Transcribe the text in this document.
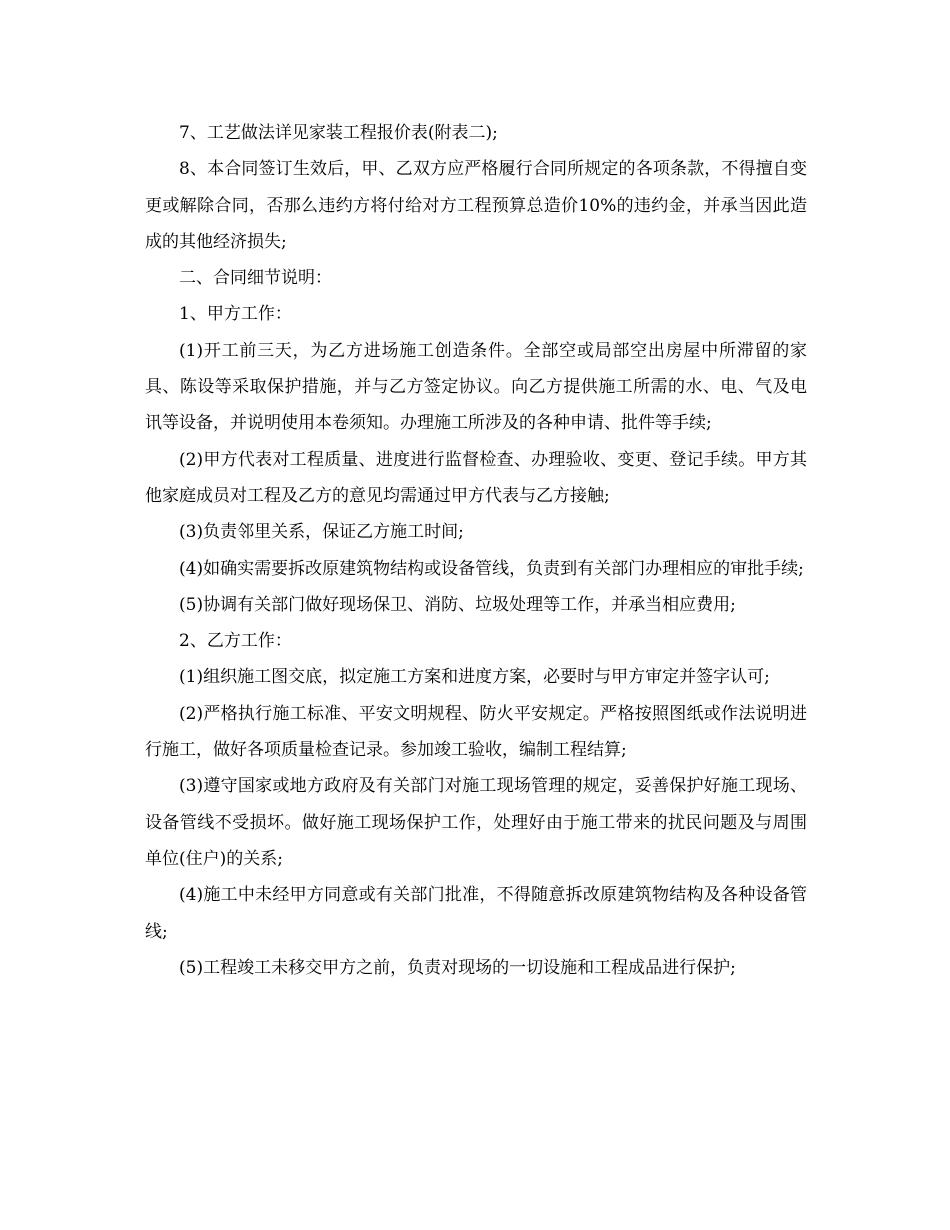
7、工艺做法详见家装工程报价表(附表二);

8、本合同签订生效后，甲、乙双方应严格履行合同所规定的各项条款，不得擅自变更或解除合同，否那么违约方将付给对方工程预算总造价10%的违约金，并承当因此造成的其他经济损失;

二、合同细节说明：

1、甲方工作：

(1)开工前三天，为乙方进场施工创造条件。全部空或局部空出房屋中所滞留的家具、陈设等采取保护措施，并与乙方签定协议。向乙方提供施工所需的水、电、气及电讯等设备，并说明使用本卷须知。办理施工所涉及的各种申请、批件等手续;

(2)甲方代表对工程质量、进度进行监督检查、办理验收、变更、登记手续。甲方其他家庭成员对工程及乙方的意见均需通过甲方代表与乙方接触;

(3)负责邻里关系，保证乙方施工时间;

(4)如确实需要拆改原建筑物结构或设备管线，负责到有关部门办理相应的审批手续;

(5)协调有关部门做好现场保卫、消防、垃圾处理等工作，并承当相应费用;

2、乙方工作：

(1)组织施工图交底，拟定施工方案和进度方案，必要时与甲方审定并签字认可;

(2)严格执行施工标准、平安文明规程、防火平安规定。严格按照图纸或作法说明进行施工，做好各项质量检查记录。参加竣工验收，编制工程结算;

(3)遵守国家或地方政府及有关部门对施工现场管理的规定，妥善保护好施工现场、设备管线不受损坏。做好施工现场保护工作，处理好由于施工带来的扰民问题及与周围单位(住户)的关系;

(4)施工中未经甲方同意或有关部门批准，不得随意拆改原建筑物结构及各种设备管线;

(5)工程竣工未移交甲方之前，负责对现场的一切设施和工程成品进行保护;
